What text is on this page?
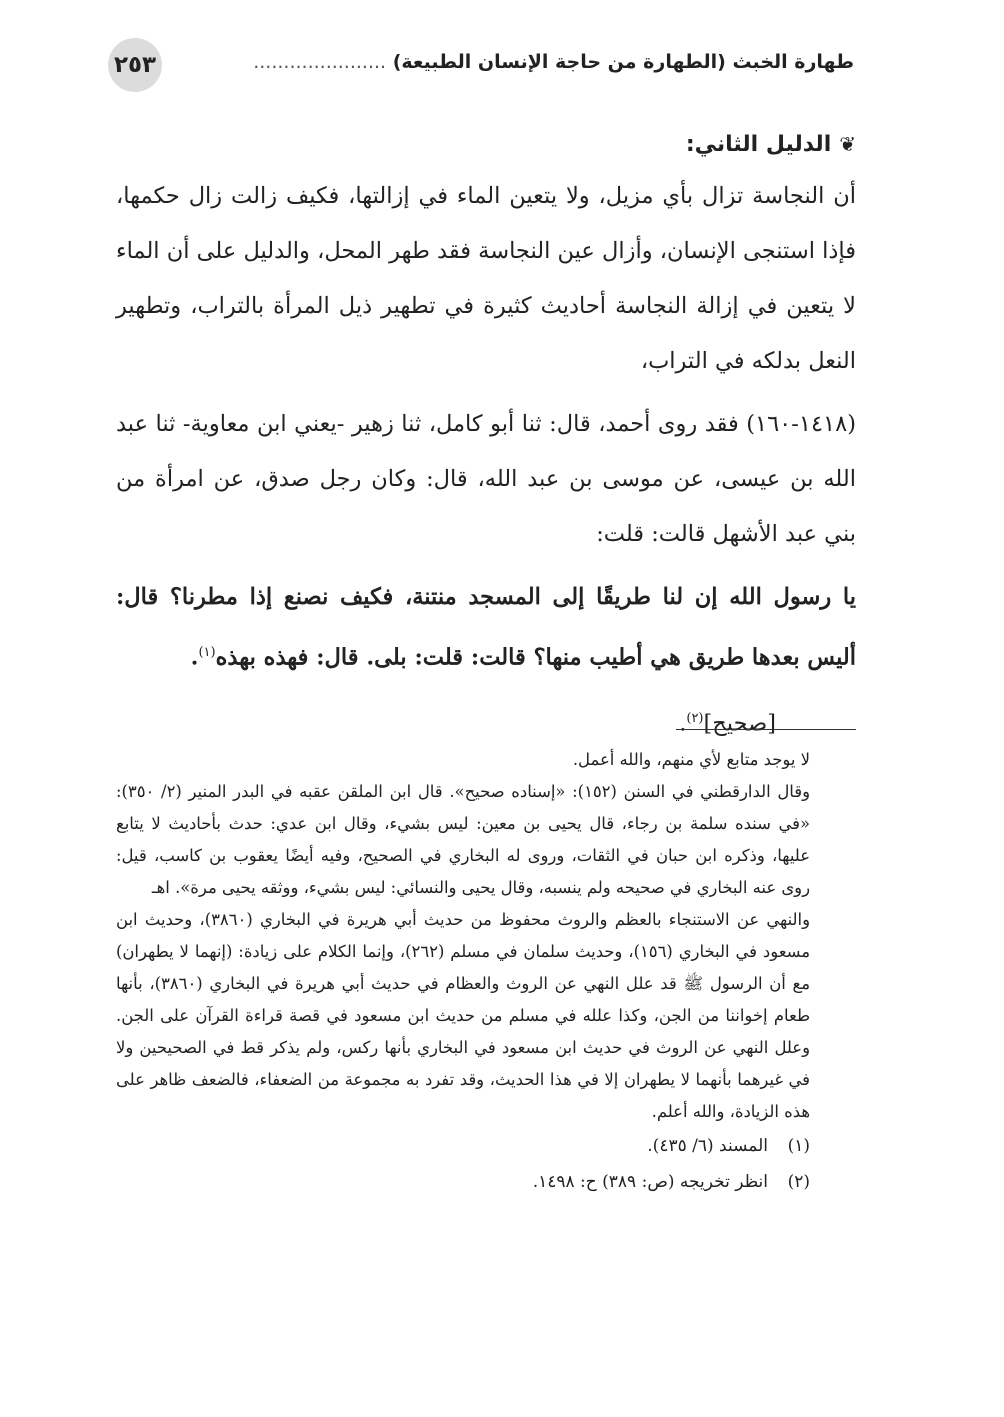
٢٥٣	طهارة الخبث (الطهارة من حاجة الإنسان الطبيعة) ......................
❦الدليل الثاني:

أن النجاسة تزال بأي مزيل، ولا يتعين الماء في إزالتها، فكيف زالت زال حكمها، فإذا استنجى الإنسان، وأزال عين النجاسة فقد طهر المحل، والدليل على أن الماء لا يتعين في إزالة النجاسة أحاديث كثيرة في تطهير ذيل المرأة بالتراب، وتطهير النعل بدلكه في التراب،

(١٤١٨-١٦٠) فقد روى أحمد، قال: ثنا أبو كامل، ثنا زهير -يعني ابن معاوية- ثنا عبد الله بن عيسى، عن موسى بن عبد الله، قال: وكان رجل صدق، عن امرأة من بني عبد الأشهل قالت: قلت:

يا رسول الله إن لنا طريقًا إلى المسجد منتنة، فكيف نصنع إذا مطرنا؟ قال: أليس بعدها طريق هي أطيب منها؟ قالت: قلت: بلى. قال: فهذه بهذه$^{(١)}$.

[صحيح]$^{(٢)}$.

لا يوجد متابع لأي منهم، والله أعمل.

وقال الدارقطني في السنن (١٥٢): «إسناده صحيح». قال ابن الملقن عقبه في البدر المنير (٢/ ٣٥٠): «في سنده سلمة بن رجاء، قال يحيى بن معين: ليس بشيء، وقال ابن عدي: حدث بأحاديث لا يتابع عليها، وذكره ابن حبان في الثقات، وروى له البخاري في الصحيح، وفيه أيضًا يعقوب بن كاسب، قيل: روى عنه البخاري في صحيحه ولم ينسبه، وقال يحيى والنسائي: ليس بشيء، ووثقه يحيى مرة». اهـ

والنهي عن الاستنجاء بالعظم والروث محفوظ من حديث أبي هريرة في البخاري (٣٨٦٠)، وحديث ابن مسعود في البخاري (١٥٦)، وحديث سلمان في مسلم (٢٦٢)، وإنما الكلام على زيادة: (إنهما لا يطهران) مع أن الرسول ﷺ قد علل النهي عن الروث والعظام في حديث أبي هريرة في البخاري (٣٨٦٠)، بأنها طعام إخواننا من الجن، وكذا علله في مسلم من حديث ابن مسعود في قصة قراءة القرآن على الجن. وعلل النهي عن الروث في حديث ابن مسعود في البخاري بأنها ركس، ولم يذكر قط في الصحيحين ولا في غيرهما بأنهما لا يطهران إلا في هذا الحديث، وقد تفرد به مجموعة من الضعفاء، فالضعف ظاهر على هذه الزيادة، والله أعلم.

(١)المسند (٦/ ٤٣٥).
(٢)انظر تخريجه (ص: ٣٨٩) ح: ١٤٩٨.
